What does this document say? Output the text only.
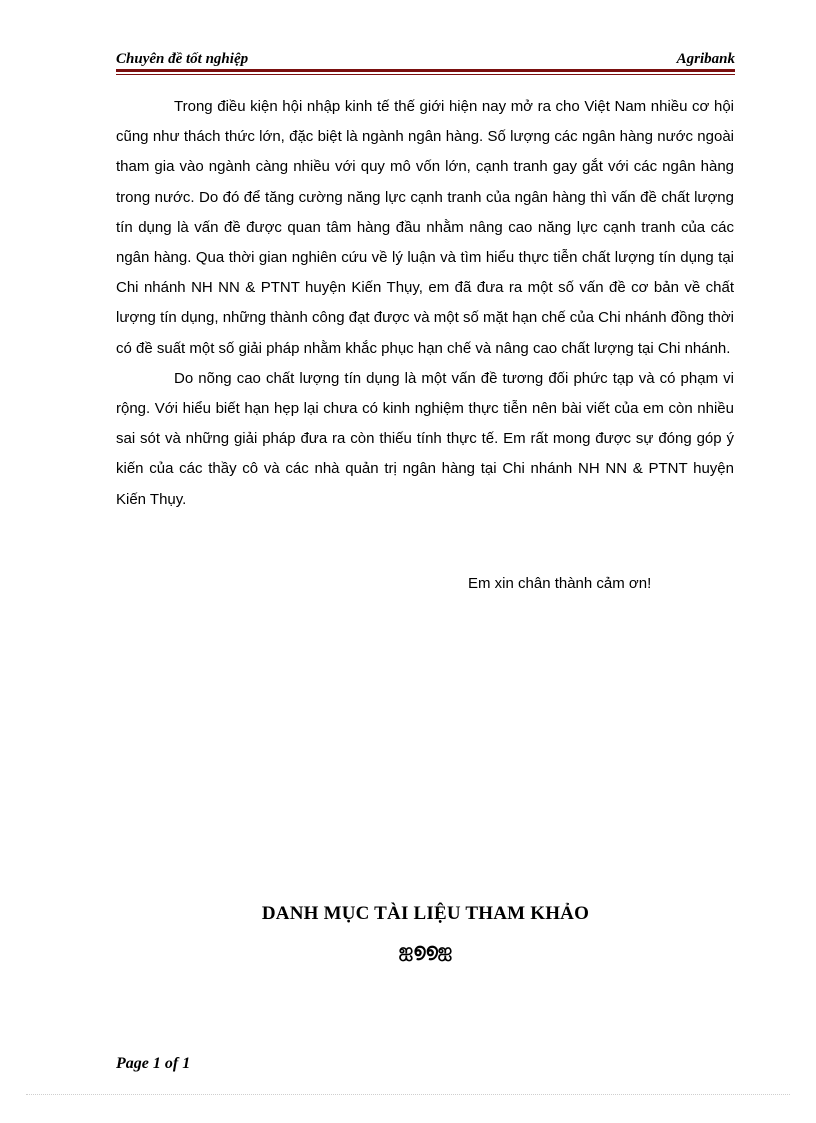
Chuyên đề tốt nghiệp	Agribank

Trong điều kiện hội nhập kinh tế thế giới hiện nay mở ra cho Việt Nam nhiều cơ hội cũng như thách thức lớn, đặc biệt là ngành ngân hàng. Số lượng các ngân hàng nước ngoài tham gia vào ngành càng nhiều với quy mô vốn lớn, cạnh tranh gay gắt với các ngân hàng trong nước. Do đó để tăng cường năng lực cạnh tranh của ngân hàng thì vấn đề chất lượng tín dụng là vấn đề được quan tâm hàng đầu nhằm nâng cao năng lực cạnh tranh của các ngân hàng. Qua thời gian nghiên cứu về lý luận và tìm hiểu thực tiễn chất lượng tín dụng tại Chi nhánh NH NN & PTNT huyện Kiến Thụy, em đã đưa ra một số vấn đề cơ bản về chất lượng tín dụng, những thành công đạt được và một số mặt hạn chế của Chi nhánh đồng thời có đề suất một số giải pháp nhằm khắc phục hạn chế và nâng cao chất lượng tại Chi nhánh.

Do nõng cao chất lượng tín dụng là một vấn đề tương đối phức tạp và có phạm vi rộng. Với hiểu biết hạn hẹp lại chưa có kinh nghiệm thực tiễn nên bài viết của em còn nhiều sai sót và những giải pháp đưa ra còn thiếu tính thực tế. Em rất mong được sự đóng góp ý kiến của các thầy cô và các nhà quản trị ngân hàng tại Chi nhánh NH NN & PTNT huyện Kiến Thụy.

Em xin chân thành cảm ơn!
DANH MỤC TÀI LIỆU THAM KHẢO
ஐ൭൭ஐ
Page 1 of 1
